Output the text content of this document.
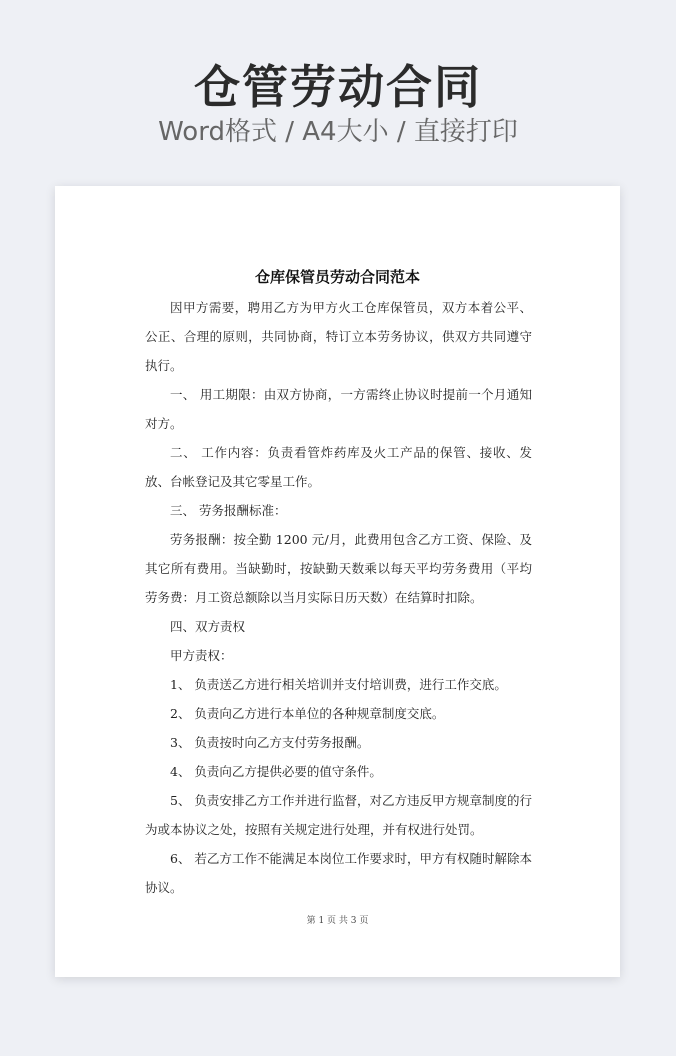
仓管劳动合同
Word格式 / A4大小 / 直接打印
仓库保管员劳动合同范本

因甲方需要，聘用乙方为甲方火工仓库保管员，双方本着公平、公正、合理的原则，共同协商，特订立本劳务协议，供双方共同遵守执行。

一、 用工期限：由双方协商，一方需终止协议时提前一个月通知对方。

二、 工作内容：负责看管炸药库及火工产品的保管、接收、发放、台帐登记及其它零星工作。

三、 劳务报酬标准：

劳务报酬：按全勤 1200 元/月，此费用包含乙方工资、保险、及其它所有费用。当缺勤时，按缺勤天数乘以每天平均劳务费用（平均劳务费：月工资总额除以当月实际日历天数）在结算时扣除。

四、双方责权

甲方责权：

1、 负责送乙方进行相关培训并支付培训费，进行工作交底。

2、 负责向乙方进行本单位的各种规章制度交底。

3、 负责按时向乙方支付劳务报酬。

4、 负责向乙方提供必要的值守条件。

5、 负责安排乙方工作并进行监督，对乙方违反甲方规章制度的行为或本协议之处，按照有关规定进行处理，并有权进行处罚。

6、 若乙方工作不能满足本岗位工作要求时，甲方有权随时解除本协议。

第 1 页 共 3 页
